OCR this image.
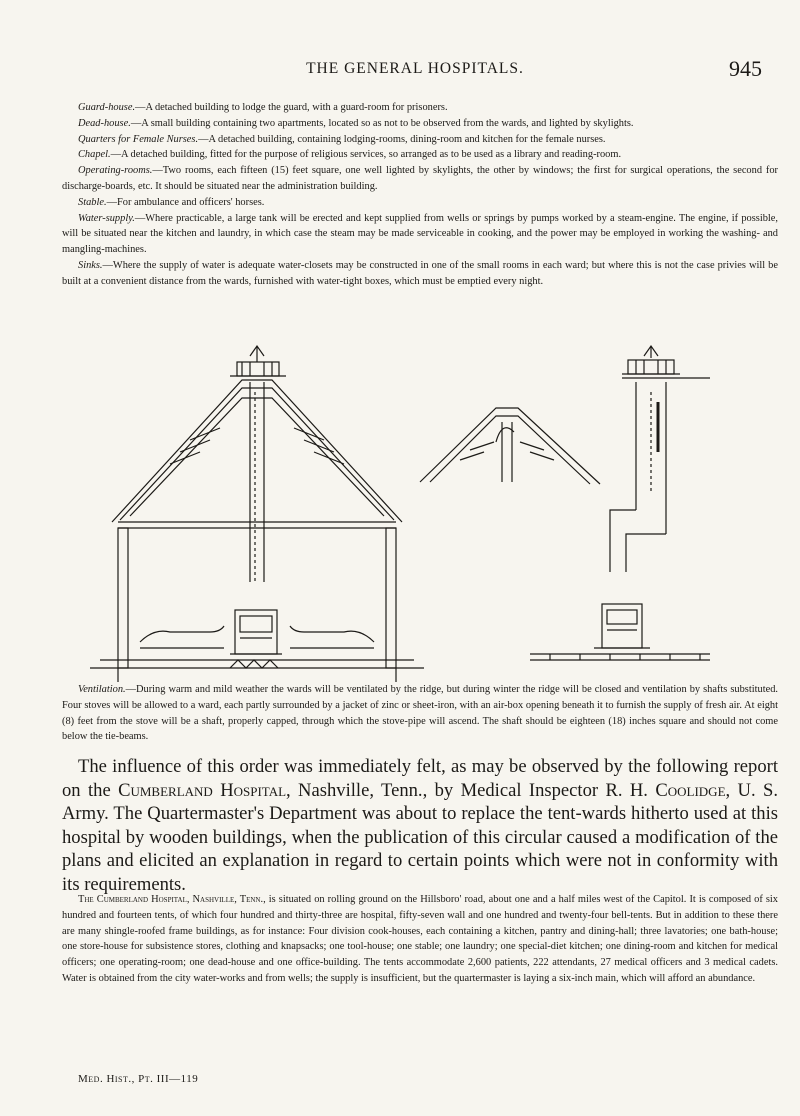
THE GENERAL HOSPITALS.	945

Guard-house.—A detached building to lodge the guard, with a guard-room for prisoners.

Dead-house.—A small building containing two apartments, located so as not to be observed from the wards, and lighted by skylights.

Quarters for Female Nurses.—A detached building, containing lodging-rooms, dining-room and kitchen for the female nurses.

Chapel.—A detached building, fitted for the purpose of religious services, so arranged as to be used as a library and reading-room.

Operating-rooms.—Two rooms, each fifteen (15) feet square, one well lighted by skylights, the other by windows; the first for surgical operations, the second for discharge-boards, etc. It should be situated near the administration building.

Stable.—For ambulance and officers' horses.

Water-supply.—Where practicable, a large tank will be erected and kept supplied from wells or springs by pumps worked by a steam-engine. The engine, if possible, will be situated near the kitchen and laundry, in which case the steam may be made serviceable in cooking, and the power may be employed in working the washing- and mangling-machines.

Sinks.—Where the supply of water is adequate water-closets may be constructed in one of the small rooms in each ward; but where this is not the case privies will be built at a convenient distance from the wards, furnished with water-tight boxes, which must be emptied every night.

Ventilation.—During warm and mild weather the wards will be ventilated by the ridge, but during winter the ridge will be closed and ventilation by shafts substituted. Four stoves will be allowed to a ward, each partly surrounded by a jacket of zinc or sheet-iron, with an air-box opening beneath it to furnish the supply of fresh air. At eight (8) feet from the stove will be a shaft, properly capped, through which the stove-pipe will ascend. The shaft should be eighteen (18) inches square and should not come below the tie-beams.

The influence of this order was immediately felt, as may be observed by the following report on the Cumberland Hospital, Nashville, Tenn., by Medical Inspector R. H. Coolidge, U. S. Army. The Quartermaster's Department was about to replace the tent-wards hitherto used at this hospital by wooden buildings, when the publication of this circular caused a modification of the plans and elicited an explanation in regard to certain points which were not in conformity with its requirements.

The Cumberland Hospital, Nashville, Tenn., is situated on rolling ground on the Hillsboro' road, about one and a half miles west of the Capitol. It is composed of six hundred and fourteen tents, of which four hundred and thirty-three are hospital, fifty-seven wall and one hundred and twenty-four bell-tents. But in addition to these there are many shingle-roofed frame buildings, as for instance: Four division cook-houses, each containing a kitchen, pantry and dining-hall; three lavatories; one bath-house; one store-house for subsistence stores, clothing and knapsacks; one tool-house; one stable; one laundry; one special-diet kitchen; one dining-room and kitchen for medical officers; one operating-room; one dead-house and one office-building. The tents accommodate 2,600 patients, 222 attendants, 27 medical officers and 3 medical cadets. Water is obtained from the city water-works and from wells; the supply is insufficient, but the quartermaster is laying a six-inch main, which will afford an abundance.

Med. Hist., Pt. III—119
